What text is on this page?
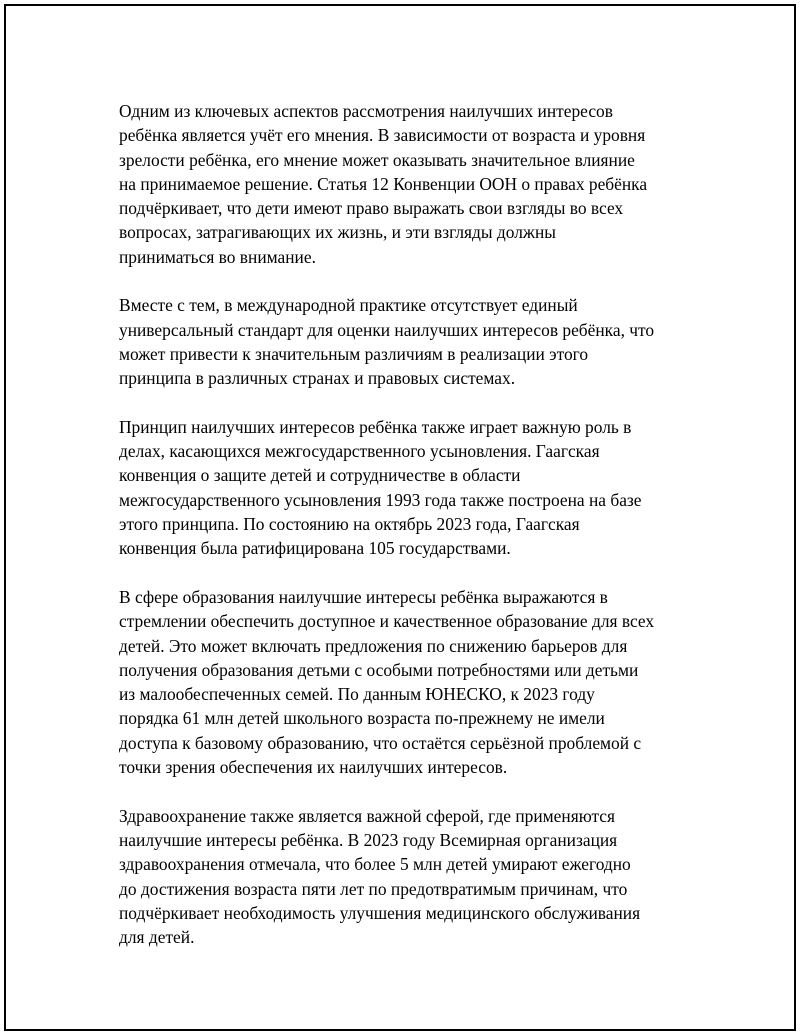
Одним из ключевых аспектов рассмотрения наилучших интересов
ребёнка является учёт его мнения. В зависимости от возраста и уровня
зрелости ребёнка, его мнение может оказывать значительное влияние
на принимаемое решение. Статья 12 Конвенции ООН о правах ребёнка
подчёркивает, что дети имеют право выражать свои взгляды во всех
вопросах, затрагивающих их жизнь, и эти взгляды должны
приниматься во внимание.

Вместе с тем, в международной практике отсутствует единый
универсальный стандарт для оценки наилучших интересов ребёнка, что
может привести к значительным различиям в реализации этого
принципа в различных странах и правовых системах.

Принцип наилучших интересов ребёнка также играет важную роль в
делах, касающихся межгосударственного усыновления. Гаагская
конвенция о защите детей и сотрудничестве в области
межгосударственного усыновления 1993 года также построена на базе
этого принципа. По состоянию на октябрь 2023 года, Гаагская
конвенция была ратифицирована 105 государствами.

В сфере образования наилучшие интересы ребёнка выражаются в
стремлении обеспечить доступное и качественное образование для всех
детей. Это может включать предложения по снижению барьеров для
получения образования детьми с особыми потребностями или детьми
из малообеспеченных семей. По данным ЮНЕСКО, к 2023 году
порядка 61 млн детей школьного возраста по-прежнему не имели
доступа к базовому образованию, что остаётся серьёзной проблемой с
точки зрения обеспечения их наилучших интересов.

Здравоохранение также является важной сферой, где применяются
наилучшие интересы ребёнка. В 2023 году Всемирная организация
здравоохранения отмечала, что более 5 млн детей умирают ежегодно
до достижения возраста пяти лет по предотвратимым причинам, что
подчёркивает необходимость улучшения медицинского обслуживания
для детей.
